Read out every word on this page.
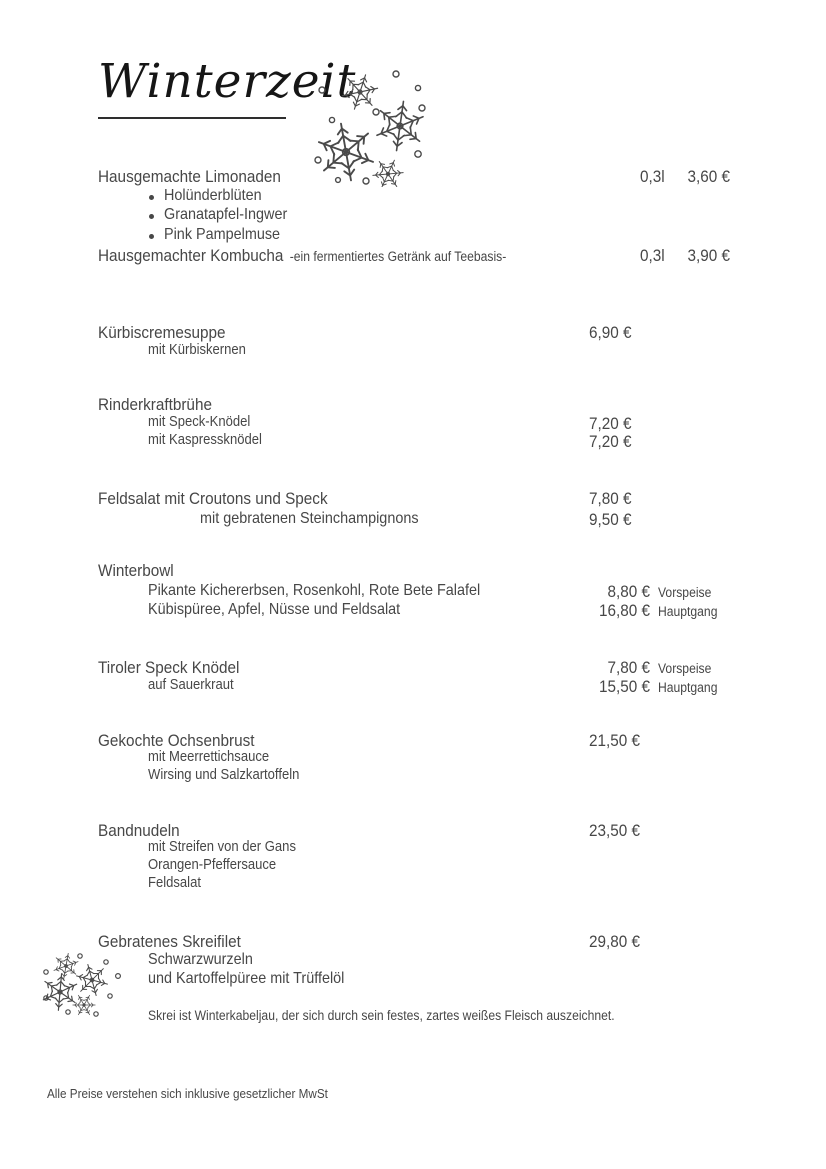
Winterzeit
Hausgemachte Limonaden	0,3l	3,60 €
Holünderblüten
Granatapfel-Ingwer
Pink Pampelmuse
Hausgemachter Kombucha -ein fermentiertes Getränk auf Teebasis-	0,3l	3,90 €
Kürbiscremesuppe	6,90 €
mit Kürbiskernen
Rinderkraftbrühe
mit Speck-Knödel	7,20 €
mit Kaspressknödel	7,20 €
Feldsalat mit Croutons und Speck	7,80 €
mit gebratenen Steinchampignons	9,50 €
Winterbowl
Pikante Kichererbsen, Rosenkohl, Rote Bete Falafel	8,80 € Vorspeise
Kübispüree, Apfel, Nüsse und Feldsalat	16,80 € Hauptgang
Tiroler Speck Knödel	7,80 € Vorspeise
auf Sauerkraut	15,50 € Hauptgang
Gekochte Ochsenbrust	21,50 €
mit Meerrettichsauce
Wirsing und Salzkartoffeln
Bandnudeln	23,50 €
mit Streifen von der Gans
Orangen-Pfeffersauce
Feldsalat
Gebratenes Skreifilet	29,80 €
Schwarzwurzeln
und Kartoffelpüree mit Trüffelöl
Skrei ist Winterkabeljau, der sich durch sein festes, zartes weißes Fleisch auszeichnet.
Alle Preise verstehen sich inklusive gesetzlicher MwSt
